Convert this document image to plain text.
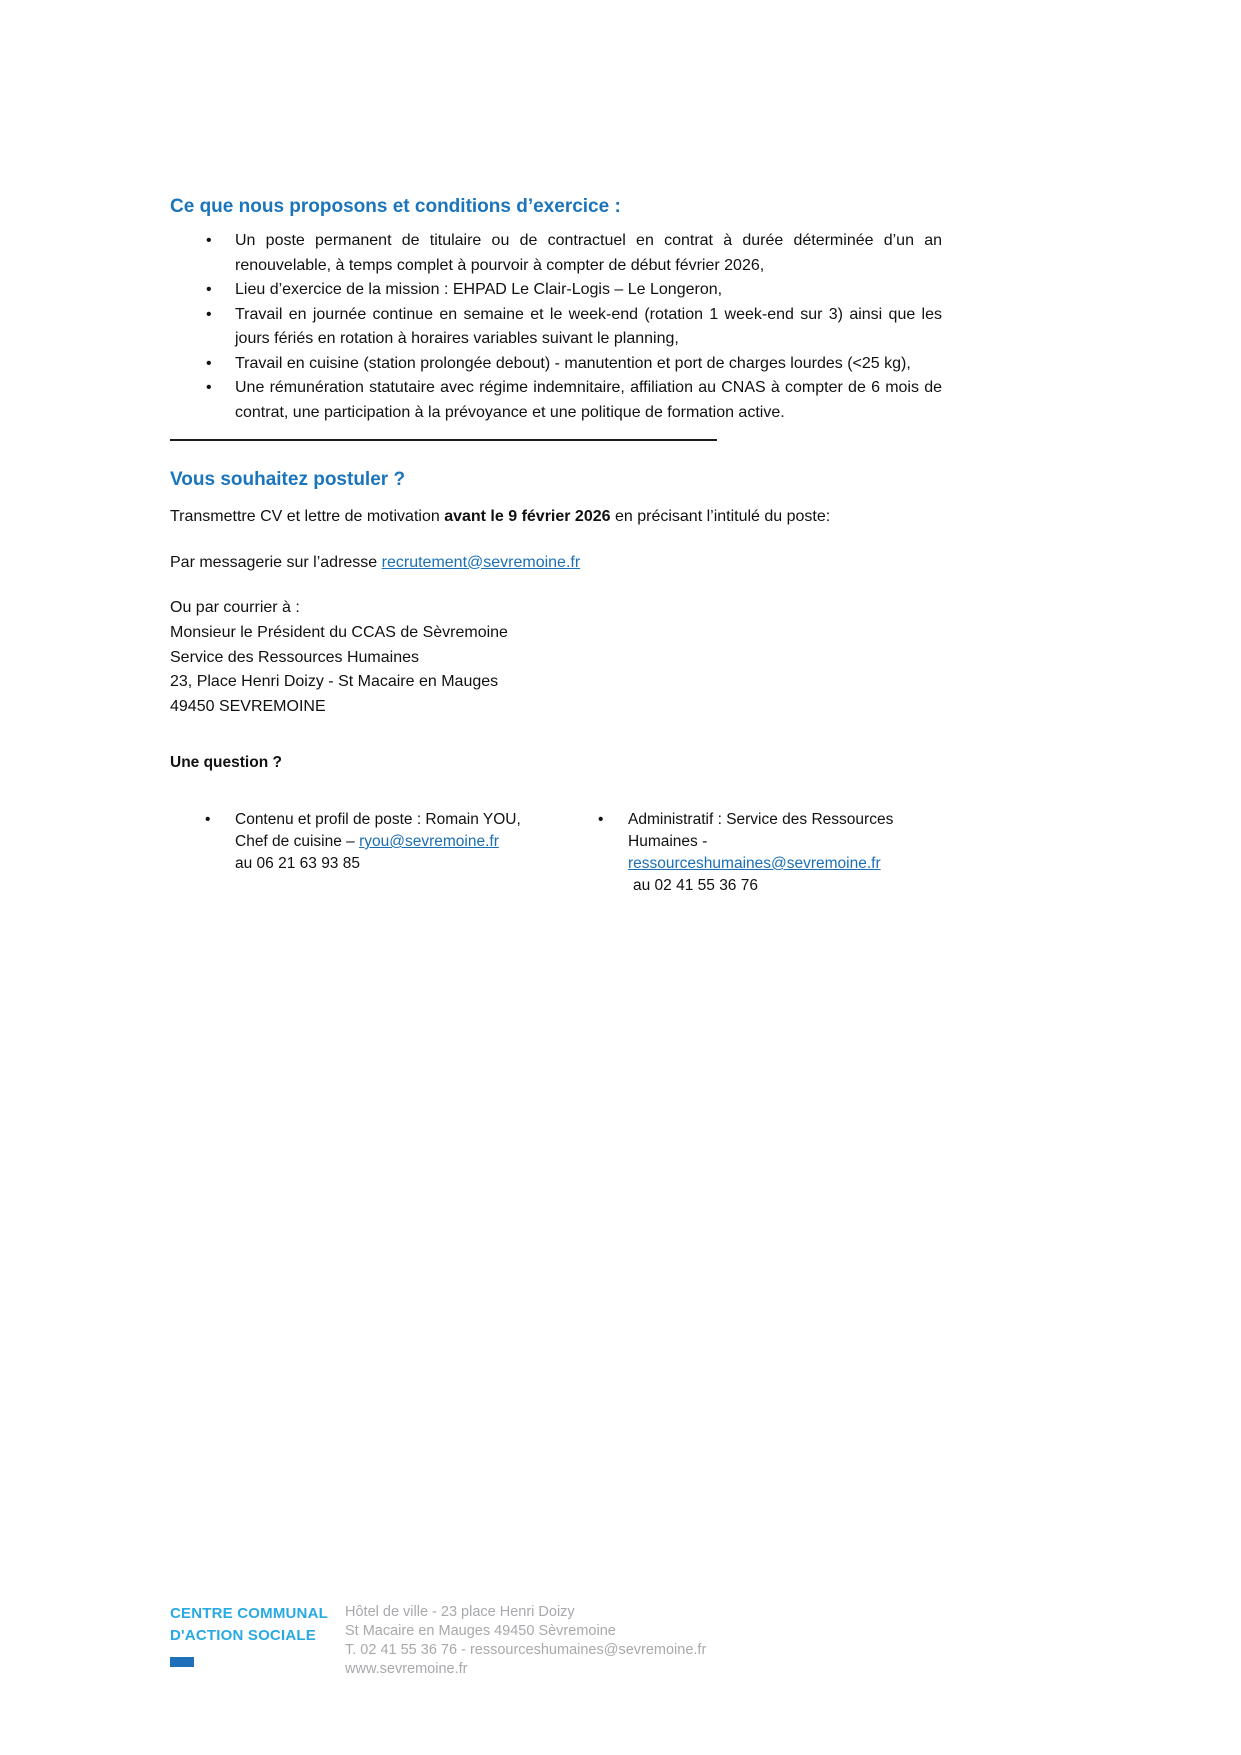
Ce que nous proposons et conditions d’exercice :
• Un poste permanent de titulaire ou de contractuel en contrat à durée déterminée d’un an renouvelable, à temps complet à pourvoir à compter de début février 2026,
• Lieu d’exercice de la mission : EHPAD Le Clair-Logis – Le Longeron,
• Travail en journée continue en semaine et le week-end (rotation 1 week-end sur 3) ainsi que les jours fériés en rotation à horaires variables suivant le planning,
• Travail en cuisine (station prolongée debout) - manutention et port de charges lourdes (<25 kg),
• Une rémunération statutaire avec régime indemnitaire, affiliation au CNAS à compter de 6 mois de contrat, une participation à la prévoyance et une politique de formation active.
Vous souhaitez postuler ?

Transmettre CV et lettre de motivation avant le 9 février 2026 en précisant l’intitulé du poste:

Par messagerie sur l’adresse recrutement@sevremoine.fr

Ou par courrier à :

Monsieur le Président du CCAS de Sèvremoine

Service des Ressources Humaines

23, Place Henri Doizy - St Macaire en Mauges

49450 SEVREMOINE

Une question ?

• Contenu et profil de poste : Romain YOU,
Chef de cuisine – ryou@sevremoine.fr
au 06 21 63 93 85
• Administratif : Service des Ressources
Humaines -
ressourceshumaines@sevremoine.fr
au 02 41 55 36 76
CENTRE COMMUNAL
D'ACTION SOCIALE

Hôtel de ville - 23 place Henri Doizy

St Macaire en Mauges 49450 Sèvremoine

T. 02 41 55 36 76 - ressourceshumaines@sevremoine.fr

www.sevremoine.fr
